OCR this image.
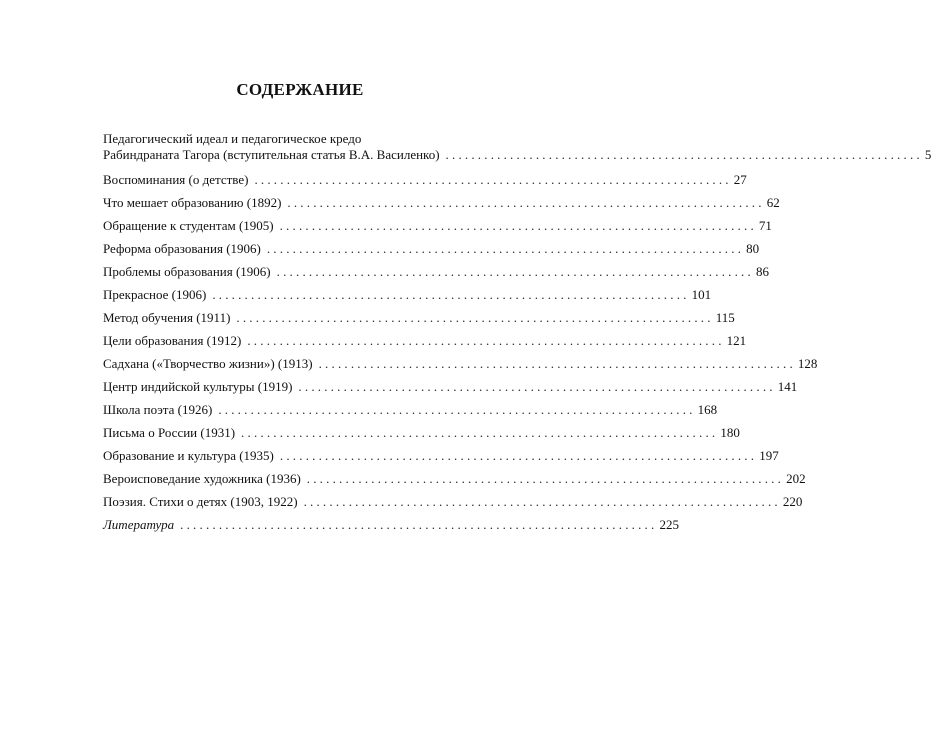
СОДЕРЖАНИЕ
Педагогический идеал и педагогическое кредо
Рабиндраната Тагора (вступительная статья В.А. Василенко) .......................................................................... 5
Воспоминания (о детстве) .......................................................................... 27
Что мешает образованию (1892) .......................................................................... 62
Обращение к студентам (1905) .......................................................................... 71
Реформа образования (1906) .......................................................................... 80
Проблемы образования (1906) .......................................................................... 86
Прекрасное (1906) .......................................................................... 101
Метод обучения (1911) .......................................................................... 115
Цели образования (1912) .......................................................................... 121
Садхана («Творчество жизни») (1913) .......................................................................... 128
Центр индийской культуры (1919) .......................................................................... 141
Школа поэта (1926) .......................................................................... 168
Письма о России (1931) .......................................................................... 180
Образование и культура (1935) .......................................................................... 197
Вероисповедание художника (1936) .......................................................................... 202
Поэзия. Стихи о детях (1903, 1922) .......................................................................... 220
Литература .......................................................................... 225
